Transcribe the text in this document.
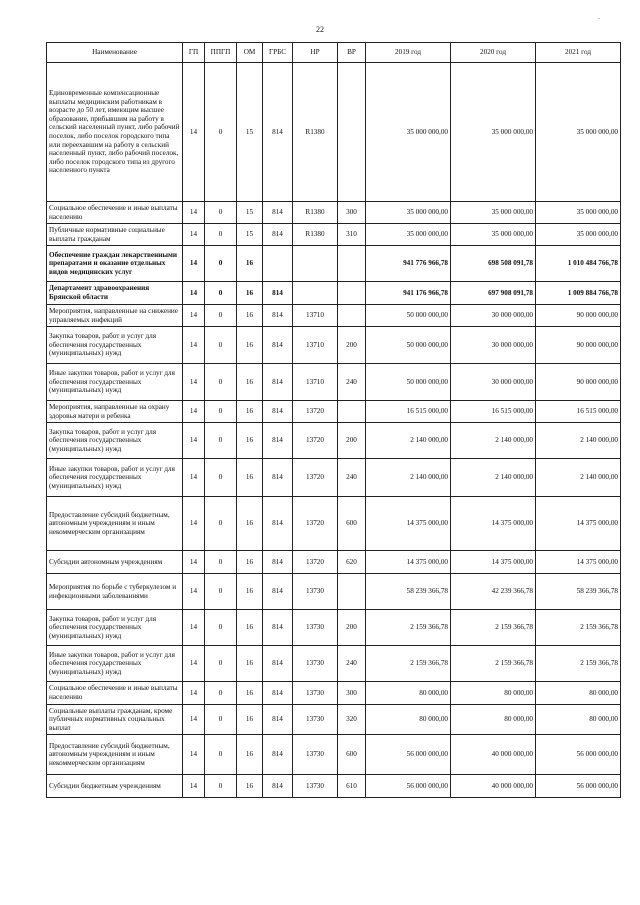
22
-
Наименование	ГП	ППГП	ОМ	ГРБС	НР	ВР	2019 год	2020 год	2021 год
Единовременные компенсационные выплаты медицинским работникам в возрасте до 50 лет, имеющим высшее образование, прибывшим на работу в сельский населенный пункт, либо рабочий поселок, либо поселок городского типа или переехавшим на работу в сельский населенный пункт, либо рабочий поселок, либо поселок городского типа из другого населенного пункта	14	0	15	814	R1380		35 000 000,00	35 000 000,00	35 000 000,00
Социальное обеспечение и иные выплаты населению	14	0	15	814	R1380	300	35 000 000,00	35 000 000,00	35 000 000,00
Публичные нормативные социальные выплаты гражданам	14	0	15	814	R1380	310	35 000 000,00	35 000 000,00	35 000 000,00
Обеспечение граждан лекарственными препаратами и оказание отдельных видов медицинских услуг	14	0	16				941 776 966,78	698 508 091,78	1 010 484 766,78
Департамент здравоохранения Брянской области	14	0	16	814			941 176 966,78	697 908 091,78	1 009 884 766,78
Мероприятия, направленные на снижение управляемых инфекций	14	0	16	814	13710		50 000 000,00	30 000 000,00	90 000 000,00
Закупка товаров, работ и услуг для обеспечения государственных (муниципальных) нужд	14	0	16	814	13710	200	50 000 000,00	30 000 000,00	90 000 000,00
Иные закупки товаров, работ и услуг для обеспечения государственных (муниципальных) нужд	14	0	16	814	13710	240	50 000 000,00	30 000 000,00	90 000 000,00
Мероприятия, направленные на охрану здоровья матери и ребенка	14	0	16	814	13720		16 515 000,00	16 515 000,00	16 515 000,00
Закупка товаров, работ и услуг для обеспечения государственных (муниципальных) нужд	14	0	16	814	13720	200	2 140 000,00	2 140 000,00	2 140 000,00
Иные закупки товаров, работ и услуг для обеспечения государственных (муниципальных) нужд	14	0	16	814	13720	240	2 140 000,00	2 140 000,00	2 140 000,00
Предоставление субсидий бюджетным, автономным учреждениям и иным некоммерческим организациям	14	0	16	814	13720	600	14 375 000,00	14 375 000,00	14 375 000,00
Субсидии автономным учреждениям	14	0	16	814	13720	620	14 375 000,00	14 375 000,00	14 375 000,00
Мероприятия по борьбе с туберкулезом и инфекционными заболеваниями	14	0	16	814	13730		58 239 366,78	42 239 366,78	58 239 366,78
Закупка товаров, работ и услуг для обеспечения государственных (муниципальных) нужд	14	0	16	814	13730	200	2 159 366,78	2 159 366,78	2 159 366,78
Иные закупки товаров, работ и услуг для обеспечения государственных (муниципальных) нужд	14	0	16	814	13730	240	2 159 366,78	2 159 366,78	2 159 366,78
Социальное обеспечение и иные выплаты населению	14	0	16	814	13730	300	80 000,00	80 000,00	80 000,00
Социальные выплаты гражданам, кроме публичных нормативных социальных выплат	14	0	16	814	13730	320	80 000,00	80 000,00	80 000,00
Предоставление субсидий бюджетным, автономным учреждениям и иным некоммерческим организациям	14	0	16	814	13730	600	56 000 000,00	40 000 000,00	56 000 000,00
Субсидии бюджетным учреждениям	14	0	16	814	13730	610	56 000 000,00	40 000 000,00	56 000 000,00
